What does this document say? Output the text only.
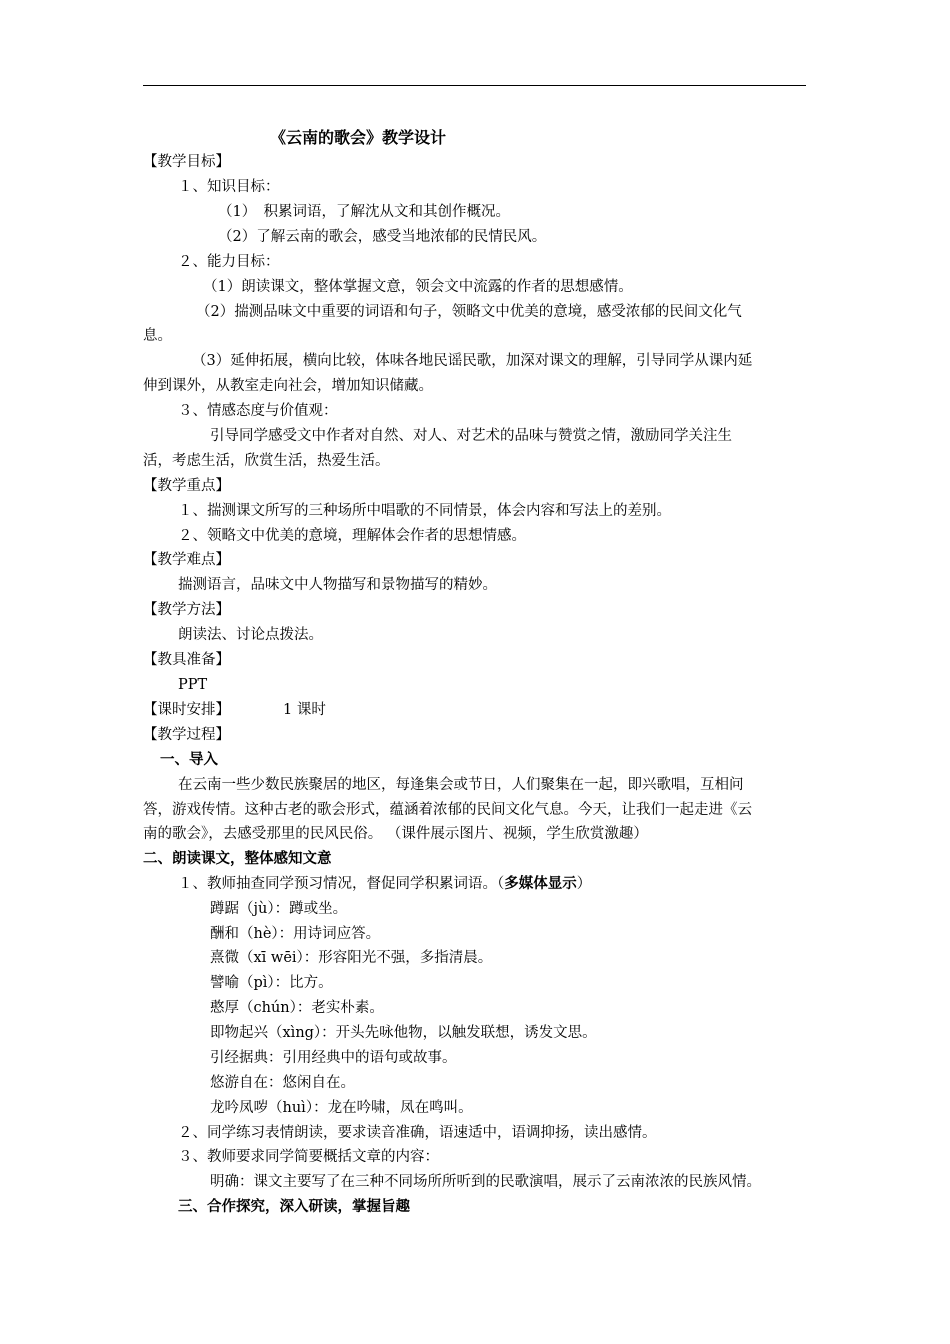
《云南的歌会》教学设计
【教学目标】
１、知识目标：
（1）　积累词语，了解沈从文和其创作概况。
（2）了解云南的歌会，感受当地浓郁的民情民风。
２、能力目标：
（1）朗读课文，整体掌握文意，领会文中流露的作者的思想感情。
（2）揣测品味文中重要的词语和句子，领略文中优美的意境，感受浓郁的民间文化气
息。
（3）延伸拓展，横向比较，体味各地民谣民歌，加深对课文的理解，引导同学从课内延
伸到课外，从教室走向社会，增加知识储藏。
３、情感态度与价值观：
引导同学感受文中作者对自然、对人、对艺术的品味与赞赏之情，激励同学关注生
活，考虑生活，欣赏生活，热爱生活。
【教学重点】
１、揣测课文所写的三种场所中唱歌的不同情景，体会内容和写法上的差别。
２、领略文中优美的意境，理解体会作者的思想情感。
【教学难点】
揣测语言，品味文中人物描写和景物描写的精妙。
【教学方法】
朗读法、讨论点拨法。
【教具准备】
PPT
【课时安排】	1 课时
【教学过程】
一、导入
在云南一些少数民族聚居的地区，每逢集会或节日，人们聚集在一起，即兴歌唱，互相问
答，游戏传情。这种古老的歌会形式，蕴涵着浓郁的民间文化气息。今天，让我们一起走进《云
南的歌会》，去感受那里的民风民俗。 （课件展示图片、视频，学生欣赏激趣）
二、朗读课文，整体感知文意
１、教师抽查同学预习情况，督促同学积累词语。（多媒体显示）
蹲踞（jù）：蹲或坐。
酬和（hè）：用诗词应答。
熹微（xī wēi）：形容阳光不强，多指清晨。
譬喻（pì）：比方。
憨厚（chún）：老实朴素。
即物起兴（xìng）：开头先咏他物，以触发联想，诱发文思。
引经据典：引用经典中的语句或故事。
悠游自在：悠闲自在。
龙吟凤哕（huì）：龙在吟啸，凤在鸣叫。
２、同学练习表情朗读，要求读音准确，语速适中，语调抑扬，读出感情。
３、教师要求同学简要概括文章的内容：
明确：课文主要写了在三种不同场所所听到的民歌演唱，展示了云南浓浓的民族风情。
三、合作探究，深入研读，掌握旨趣
